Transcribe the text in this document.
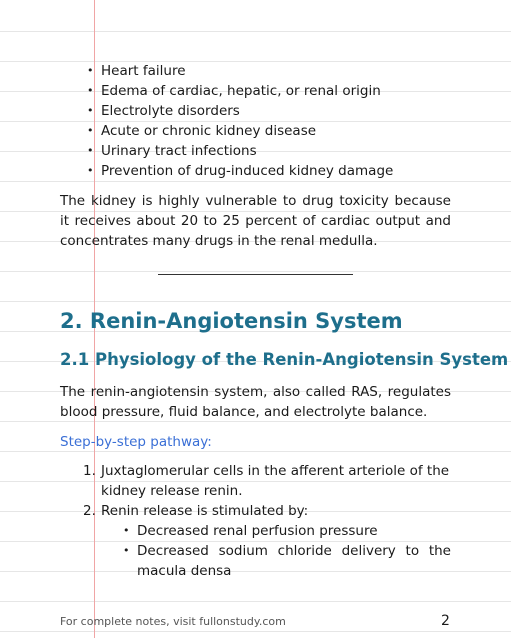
• Heart failure
• Edema of cardiac, hepatic, or renal origin
• Electrolyte disorders
• Acute or chronic kidney disease
• Urinary tract infections
• Prevention of drug-induced kidney damage

The kidney is highly vulnerable to drug toxicity because it receives about 20 to 25 percent of cardiac output and concentrates many drugs in the renal medulla.

2. Renin-Angiotensin System
2.1 Physiology of the Renin-Angiotensin System

The renin-angiotensin system, also called RAS, regulates blood pressure, fluid balance, and electrolyte balance.

Step-by-step pathway:
1. Juxtaglomerular cells in the afferent arteriole of the kidney release renin.
2. Renin release is stimulated by:
• Decreased renal perfusion pressure
• Decreased sodium chloride delivery to the macula densa
For complete notes, visit fullonstudy.com	2
